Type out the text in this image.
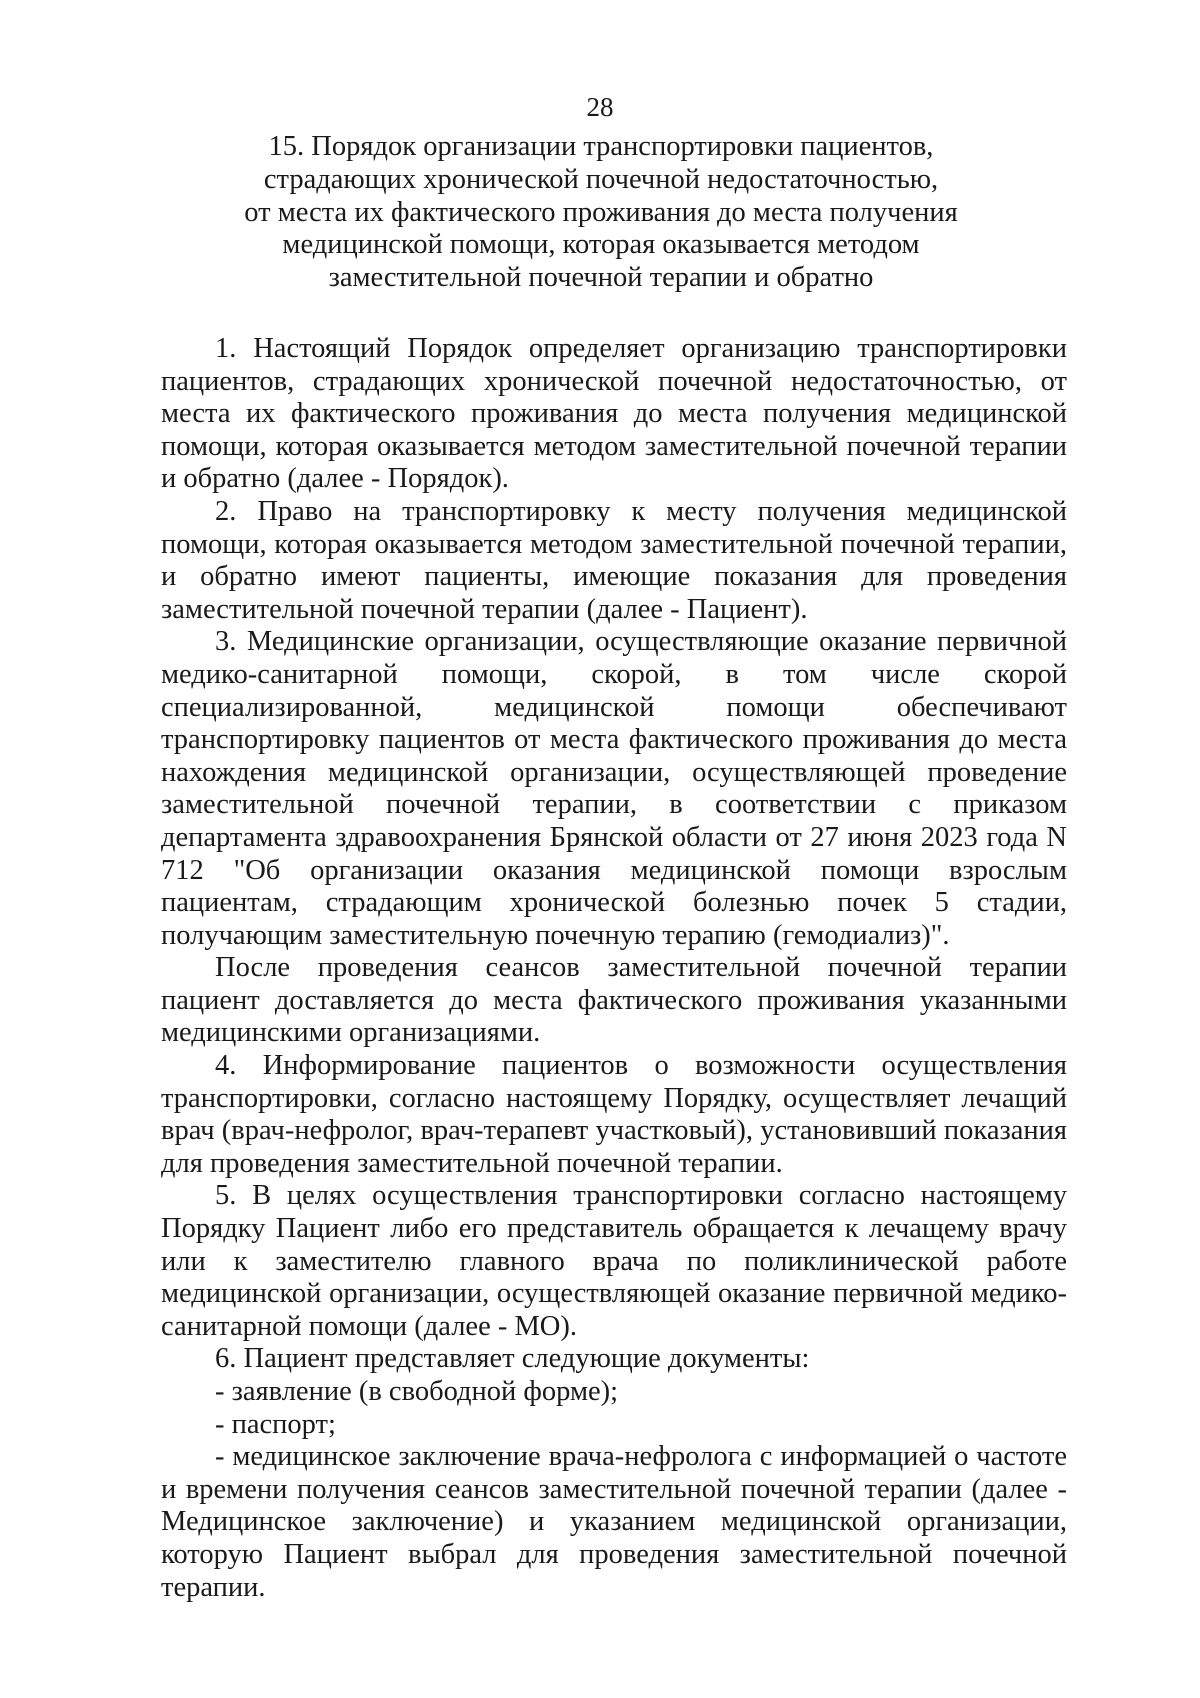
28
15. Порядок организации транспортировки пациентов,
страдающих хронической почечной недостаточностью,
от места их фактического проживания до места получения
медицинской помощи, которая оказывается методом
заместительной почечной терапии и обратно

1. Настоящий Порядок определяет организацию транспортировки пациентов, страдающих хронической почечной недостаточностью, от места их фактического проживания до места получения медицинской помощи, которая оказывается методом заместительной почечной терапии и обратно (далее - Порядок).

2. Право на транспортировку к месту получения медицинской помощи, которая оказывается методом заместительной почечной терапии, и обратно имеют пациенты, имеющие показания для проведения заместительной почечной терапии (далее - Пациент).

3. Медицинские организации, осуществляющие оказание первичной медико-санитарной помощи, скорой, в том числе скорой специализированной, медицинской помощи обеспечивают транспортировку пациентов от места фактического проживания до места нахождения медицинской организации, осуществляющей проведение заместительной почечной терапии, в соответствии с приказом департамента здравоохранения Брянской области от 27 июня 2023 года N 712 "Об организации оказания медицинской помощи взрослым пациентам, страдающим хронической болезнью почек 5 стадии, получающим заместительную почечную терапию (гемодиализ)".

После проведения сеансов заместительной почечной терапии пациент доставляется до места фактического проживания указанными медицинскими организациями.

4. Информирование пациентов о возможности осуществления транспортировки, согласно настоящему Порядку, осуществляет лечащий врач (врач-нефролог, врач-терапевт участковый), установивший показания для проведения заместительной почечной терапии.

5. В целях осуществления транспортировки согласно настоящему Порядку Пациент либо его представитель обращается к лечащему врачу или к заместителю главного врача по поликлинической работе медицинской организации, осуществляющей оказание первичной медико-санитарной помощи (далее - МО).

6. Пациент представляет следующие документы:

- заявление (в свободной форме);

- паспорт;

- медицинское заключение врача-нефролога с информацией о частоте и времени получения сеансов заместительной почечной терапии (далее - Медицинское заключение) и указанием медицинской организации, которую Пациент выбрал для проведения заместительной почечной терапии.
